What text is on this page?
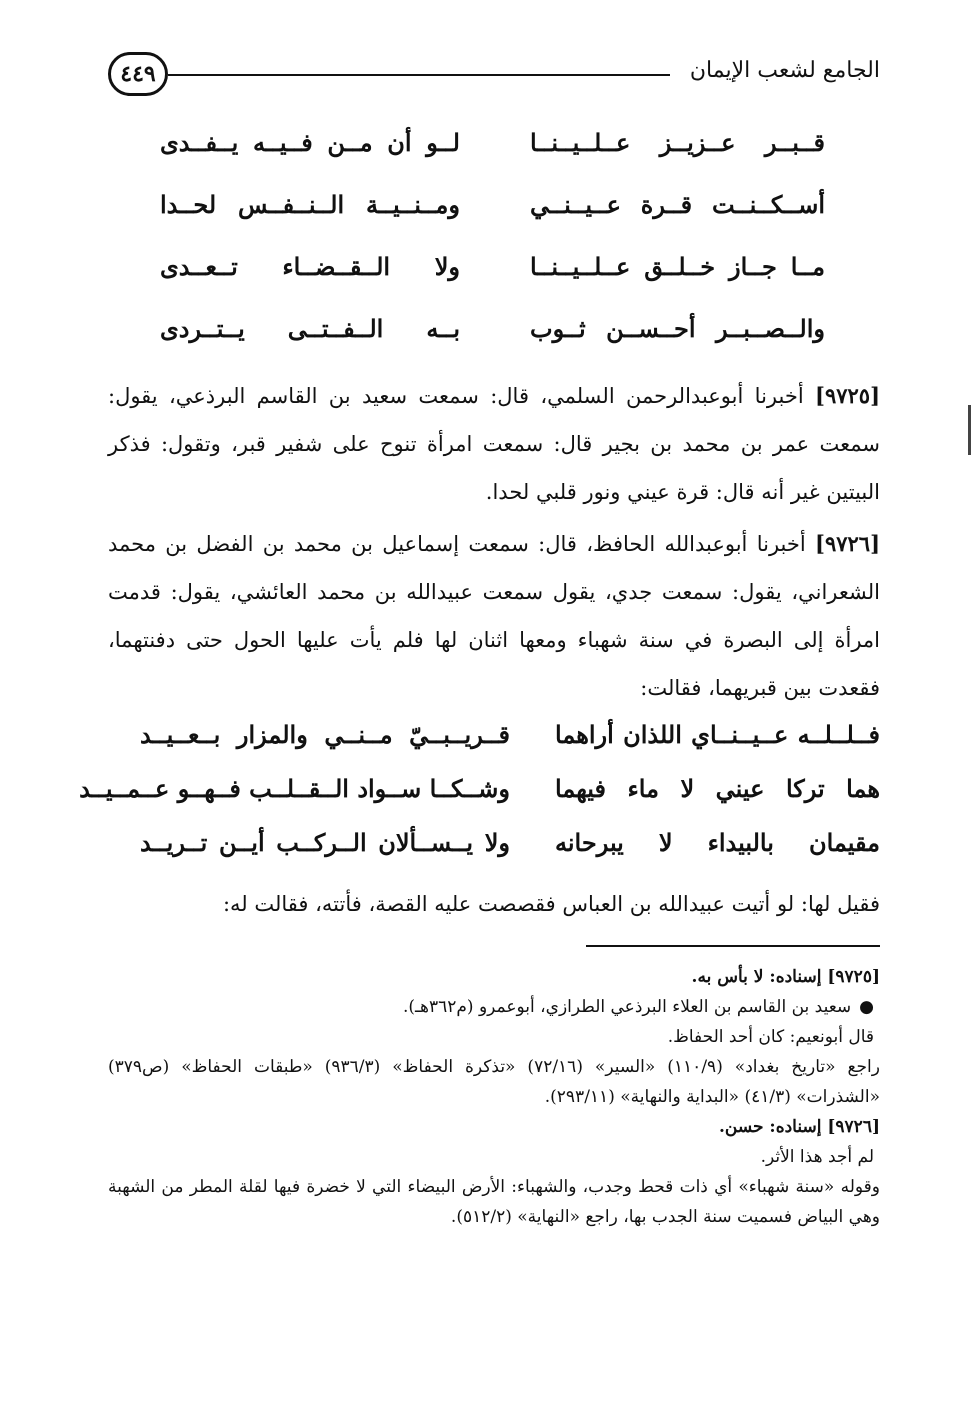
٤٤٩	الجامع لشعب الإيمان
قــبــر عــزيــز عــلــيــنــا
لــو أن مــن فــيــه يــفــدى
أســكــنــت قــرة عــيــنــي
ومــنــيــة الــنــفــس لحــدا
مــا جــاز خــلــق عــلــيــنــا
ولا الــقــضــاء تــعــدى
والــصــبــر أحــســن ثــوب
بــه الــفــتــى يــتــردى
[٩٧٢٥] أخبرنا أبوعبدالرحمن السلمي، قال: سمعت سعيد بن القاسم البرذعي، يقول: سمعت عمر بن محمد بن بجير قال: سمعت امرأة تنوح على شفير قبر، وتقول: فذكر البيتين غير أنه قال: قرة عيني ونور قلبي لحدا.
[٩٧٢٦] أخبرنا أبوعبدالله الحافظ، قال: سمعت إسماعيل بن محمد بن الفضل بن محمد الشعراني، يقول: سمعت جدي، يقول سمعت عبيدالله بن محمد العائشي، يقول: قدمت امرأة إلى البصرة في سنة شهباء ومعها اثنان لها فلم يأت عليها الحول حتى دفنتهما، فقعدت بين قبريهما، فقالت:
فــلــلــه عــيــنــاي اللذان أراهما
قــريــبــيّ مــنــي والمزار بــعــيــد
هما تركا عيني لا ماء فيهما
وشــكــا ســواد الــقــلــب فــهــو عــمــيــد
مقيمان بالبيداء لا يبرحانه
ولا يــســألان الــركــب أيــن تــريــد
فقيل لها: لو أتيت عبيدالله بن العباس فقصصت عليه القصة، فأتته، فقالت له:
[٩٧٢٥] إسناده: لا بأس به.
●سعيد بن القاسم بن العلاء البرذعي الطرازي، أبوعمرو (م٣٦٢هـ).
قال أبونعيم: كان أحد الحفاظ.
راجع «تاريخ بغداد» (١١٠/٩) «السير» (٧٢/١٦) «تذكرة الحفاظ» (٩٣٦/٣) «طبقات الحفاظ» (ص٣٧٩) «الشذرات» (٤١/٣) «البداية والنهاية» (٢٩٣/١١).
[٩٧٢٦] إسناده: حسن.
لم أجد هذا الأثر.
وقوله «سنة شهباء» أي ذات قحط وجدب، والشهباء: الأرض البيضاء التي لا خضرة فيها لقلة المطر من الشهبة وهي البياض فسميت سنة الجدب بها، راجع «النهاية» (٥١٢/٢).
